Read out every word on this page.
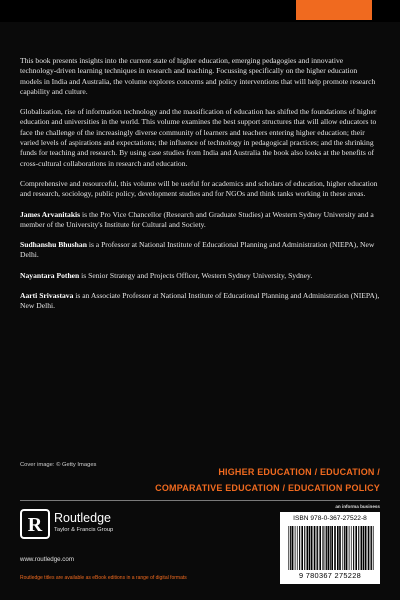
This book presents insights into the current state of higher education, emerging pedagogies and innovative technology-driven learning techniques in research and teaching. Focussing specifically on the higher education models in India and Australia, the volume explores concerns and policy interventions that will help promote research capability and culture.

Globalisation, rise of information technology and the massification of education has shifted the foundations of higher education and universities in the world. This volume examines the best support structures that will allow educators to face the challenge of the increasingly diverse community of learners and teachers entering higher education; their varied levels of aspirations and expectations; the influence of technology in pedagogical practices; and the shrinking funds for teaching and research. By using case studies from India and Australia the book also looks at the benefits of cross-cultural collaborations in research and education.

Comprehensive and resourceful, this volume will be useful for academics and scholars of education, higher education and research, sociology, public policy, development studies and for NGOs and think tanks working in these areas.

James Arvanitakis is the Pro Vice Chancellor (Research and Graduate Studies) at Western Sydney University and a member of the University's Institute for Cultural and Society.
Sudhanshu Bhushan is a Professor at National Institute of Educational Planning and Administration (NIEPA), New Delhi.
Nayantara Pothen is Senior Strategy and Projects Officer, Western Sydney University, Sydney.
Aarti Srivastava is an Associate Professor at National Institute of Educational Planning and Administration (NIEPA), New Delhi.
Cover image: © Getty Images
HIGHER EDUCATION / EDUCATION /
COMPARATIVE EDUCATION / EDUCATION POLICY
R Routledge
Taylor & Francis Group
www.routledge.com
Routledge titles are available as eBook editions in a range of digital formats
an informa business
ISBN 978-0-367-27522-8
9 780367 275228
